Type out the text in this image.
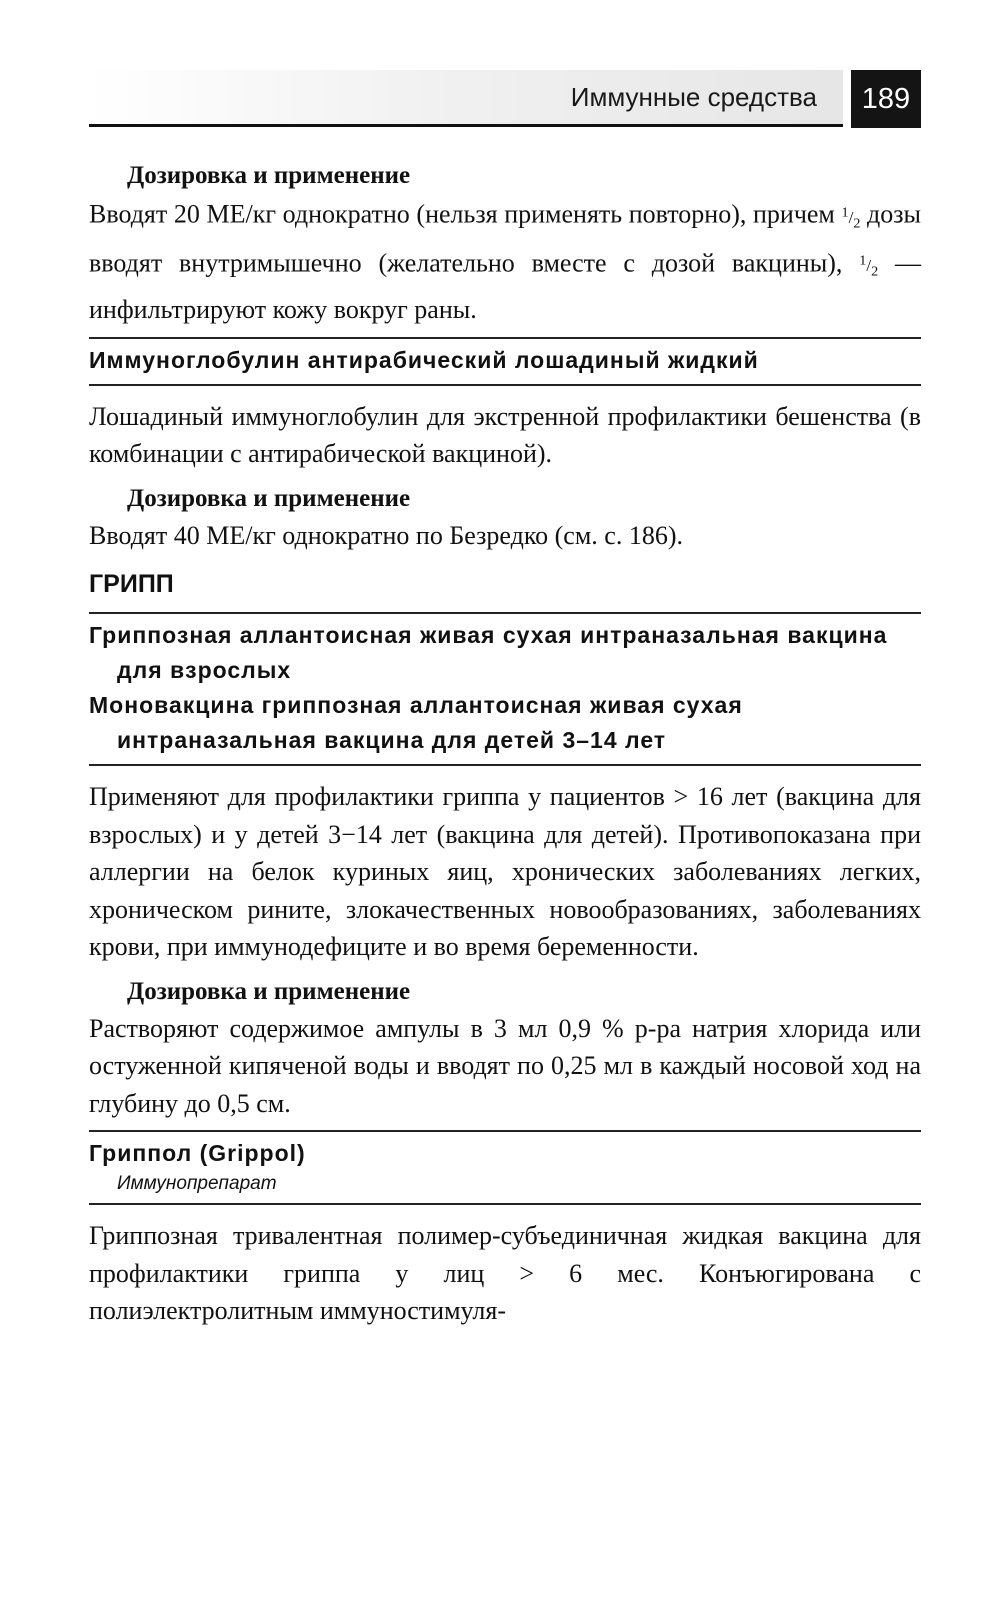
Иммунные средства	189

Дозировка и применение

Вводят 20 МЕ/кг однократно (нельзя применять повторно), причем $^1/_2$ дозы вводят внутримышечно (желательно вместе с дозой вакцины), $^1/_2$ — инфильтрируют кожу вокруг раны.

Иммуноглобулин антирабический лошадиный жидкий

Лошадиный иммуноглобулин для экстренной профилактики бешенства (в комбинации с антирабической вакциной).

Дозировка и применение

Вводят 40 МЕ/кг однократно по Безредко (см. с. 186).

ГРИПП

Гриппозная аллантоисная живая сухая интраназальная вакцина для взрослых

Моновакцина гриппозная аллантоисная живая сухая интраназальная вакцина для детей 3–14 лет

Применяют для профилактики гриппа у пациентов > 16 лет (вакцина для взрослых) и у детей 3−14 лет (вакцина для детей). Противопоказана при аллергии на белок куриных яиц, хронических заболеваниях легких, хроническом рините, злокачественных новообразованиях, заболеваниях крови, при иммунодефиците и во время беременности.

Дозировка и применение

Растворяют содержимое ампулы в 3 мл 0,9 % р-ра натрия хлорида или остуженной кипяченой воды и вводят по 0,25 мл в каждый носовой ход на глубину до 0,5 см.

Гриппол (Grippol)

Иммунопрепарат

Гриппозная тривалентная полимер-субъединичная жидкая вакцина для профилактики гриппа у лиц > 6 мес. Конъюгирована с полиэлектролитным иммуностимуля-
